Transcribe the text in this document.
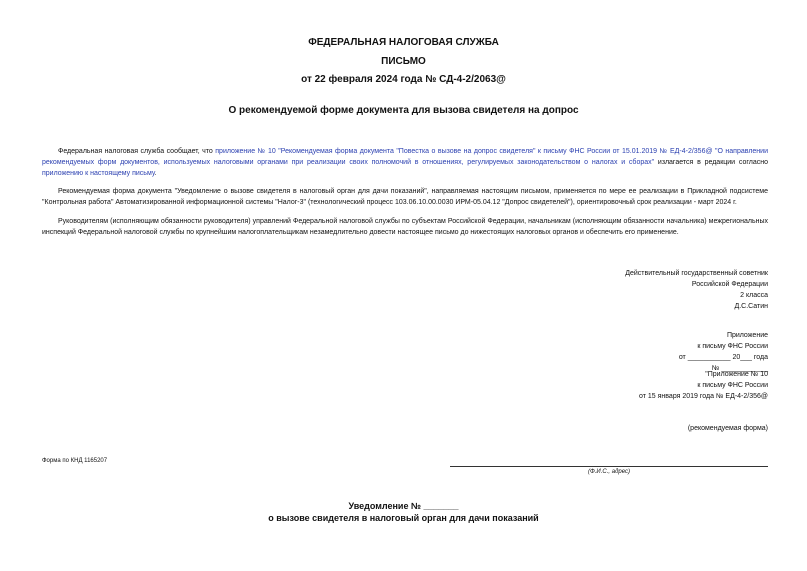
ФЕДЕРАЛЬНАЯ НАЛОГОВАЯ СЛУЖБА
ПИСЬМО
от 22 февраля 2024 года № СД-4-2/2063@
О рекомендуемой форме документа для вызова свидетеля на допрос
Федеральная налоговая служба сообщает, что приложение № 10 "Рекомендуемая форма документа "Повестка о вызове на допрос свидетеля" к письму ФНС России от 15.01.2019 № ЕД-4-2/356@ "О направлении рекомендуемых форм документов, используемых налоговыми органами при реализации своих полномочий в отношениях, регулируемых законодательством о налогах и сборах" излагается в редакции согласно приложению к настоящему письму.
Рекомендуемая форма документа "Уведомление о вызове свидетеля в налоговый орган для дачи показаний", направляемая настоящим письмом, применяется по мере ее реализации в Прикладной подсистеме "Контрольная работа" Автоматизированной информационной системы "Налог-3" (технологический процесс 103.06.10.00.0030 ИРМ-05.04.12 "Допрос свидетелей"), ориентировочный срок реализации - март 2024 г.
Руководителям (исполняющим обязанности руководителя) управлений Федеральной налоговой службы по субъектам Российской Федерации, начальникам (исполняющим обязанности начальника) межрегиональных инспекций Федеральной налоговой службы по крупнейшим налогоплательщикам незамедлительно довести настоящее письмо до нижестоящих налоговых органов и обеспечить его применение.
Действительный государственный советник
Российской Федерации
2 класса
Д.С.Сатин
Приложение
к письму ФНС России
от ___________ 20___ года
№ ____________
"Приложение № 10
к письму ФНС России
от 15 января 2019 года № ЕД-4-2/356@
(рекомендуемая форма)
Форма по КНД 1165207
(Ф.И.С., адрес)
Уведомление № _______
о вызове свидетеля в налоговый орган для дачи показаний
